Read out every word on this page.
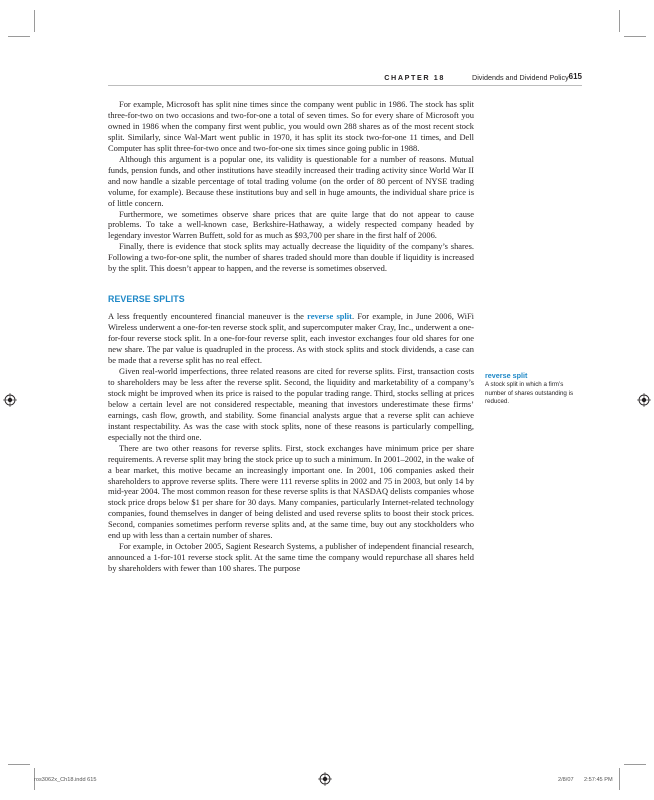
CHAPTER 18	Dividends and Dividend Policy 615

For example, Microsoft has split nine times since the company went public in 1986. The stock has split three-for-two on two occasions and two-for-one a total of seven times. So for every share of Microsoft you owned in 1986 when the company first went public, you would own 288 shares as of the most recent stock split. Similarly, since Wal-Mart went public in 1970, it has split its stock two-for-one 11 times, and Dell Computer has split three-for-two once and two-for-one six times since going public in 1988.

Although this argument is a popular one, its validity is questionable for a number of reasons. Mutual funds, pension funds, and other institutions have steadily increased their trading activity since World War II and now handle a sizable percentage of total trading volume (on the order of 80 percent of NYSE trading volume, for example). Because these institutions buy and sell in huge amounts, the individual share price is of little concern.

Furthermore, we sometimes observe share prices that are quite large that do not appear to cause problems. To take a well-known case, Berkshire-Hathaway, a widely respected company headed by legendary investor Warren Buffett, sold for as much as $93,700 per share in the first half of 2006.

Finally, there is evidence that stock splits may actually decrease the liquidity of the company’s shares. Following a two-for-one split, the number of shares traded should more than double if liquidity is increased by the split. This doesn’t appear to happen, and the reverse is sometimes observed.

REVERSE SPLITS

A less frequently encountered financial maneuver is the reverse split. For example, in June 2006, WiFi Wireless underwent a one-for-ten reverse stock split, and supercomputer maker Cray, Inc., underwent a one-for-four reverse stock split. In a one-for-four reverse split, each investor exchanges four old shares for one new share. The par value is quadrupled in the process. As with stock splits and stock dividends, a case can be made that a reverse split has no real effect.

Given real-world imperfections, three related reasons are cited for reverse splits. First, transaction costs to shareholders may be less after the reverse split. Second, the liquidity and marketability of a company’s stock might be improved when its price is raised to the popular trading range. Third, stocks selling at prices below a certain level are not considered respectable, meaning that investors underestimate these firms’ earnings, cash flow, growth, and stability. Some financial analysts argue that a reverse split can achieve instant respectability. As was the case with stock splits, none of these reasons is particularly compelling, especially not the third one.

There are two other reasons for reverse splits. First, stock exchanges have minimum price per share requirements. A reverse split may bring the stock price up to such a minimum. In 2001–2002, in the wake of a bear market, this motive became an increasingly important one. In 2001, 106 companies asked their shareholders to approve reverse splits. There were 111 reverse splits in 2002 and 75 in 2003, but only 14 by mid-year 2004. The most common reason for these reverse splits is that NASDAQ delists companies whose stock price drops below $1 per share for 30 days. Many companies, particularly Internet-related technology companies, found themselves in danger of being delisted and used reverse splits to boost their stock prices. Second, companies sometimes perform reverse splits and, at the same time, buy out any stockholders who end up with less than a certain number of shares.

For example, in October 2005, Sagient Research Systems, a publisher of independent financial research, announced a 1-for-101 reverse stock split. At the same time the company would repurchase all shares held by shareholders with fewer than 100 shares. The purpose

reverse split
A stock split in which a firm’s number of shares outstanding is reduced.
ros3062x_Ch18.indd 615	2/8/07 2:57:45 PM
